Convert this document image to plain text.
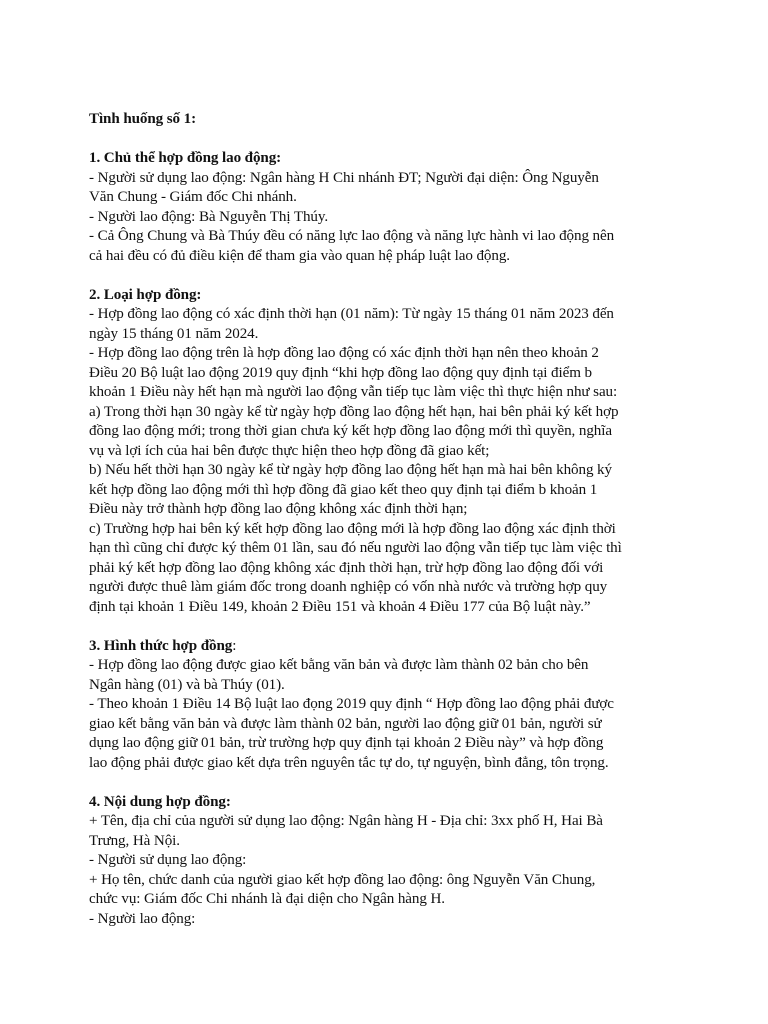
Tình huống số 1:
1. Chủ thể hợp đồng lao động:
- Người sử dụng lao động: Ngân hàng H Chi nhánh ĐT; Người đại diện: Ông Nguyễn
Văn Chung - Giám đốc Chi nhánh.
- Người lao động: Bà Nguyễn Thị Thúy.
- Cả Ông Chung và Bà Thúy đều có năng lực lao động và năng lực hành vi lao động nên
cả hai đều có đủ điều kiện để tham gia vào quan hệ pháp luật lao động.
2. Loại hợp đồng:
- Hợp đồng lao động có xác định thời hạn (01 năm): Từ ngày 15 tháng 01 năm 2023 đến
ngày 15 tháng 01 năm 2024.
- Hợp đồng lao động trên là hợp đồng lao động có xác định thời hạn nên theo khoản 2
Điều 20 Bộ luật lao động 2019 quy định “khi hợp đồng lao động quy định tại điểm b
khoản 1 Điều này hết hạn mà người lao động vẫn tiếp tục làm việc thì thực hiện như sau:
a) Trong thời hạn 30 ngày kể từ ngày hợp đồng lao động hết hạn, hai bên phải ký kết hợp
đồng lao động mới; trong thời gian chưa ký kết hợp đồng lao động mới thì quyền, nghĩa
vụ và lợi ích của hai bên được thực hiện theo hợp đồng đã giao kết;
b) Nếu hết thời hạn 30 ngày kể từ ngày hợp đồng lao động hết hạn mà hai bên không ký
kết hợp đồng lao động mới thì hợp đồng đã giao kết theo quy định tại điểm b khoản 1
Điều này trở thành hợp đồng lao động không xác định thời hạn;
c) Trường hợp hai bên ký kết hợp đồng lao động mới là hợp đồng lao động xác định thời
hạn thì cũng chỉ được ký thêm 01 lần, sau đó nếu người lao động vẫn tiếp tục làm việc thì
phải ký kết hợp đồng lao động không xác định thời hạn, trừ hợp đồng lao động đối với
người được thuê làm giám đốc trong doanh nghiệp có vốn nhà nước và trường hợp quy
định tại khoản 1 Điều 149, khoản 2 Điều 151 và khoản 4 Điều 177 của Bộ luật này.”
3. Hình thức hợp đồng:
- Hợp đồng lao động được giao kết bằng văn bản và được làm thành 02 bản cho bên
Ngân hàng (01) và bà Thúy (01).
- Theo khoản 1 Điều 14 Bộ luật lao đọng 2019 quy định “ Hợp đồng lao động phải được
giao kết bằng văn bản và được làm thành 02 bản, người lao động giữ 01 bản, người sử
dụng lao động giữ 01 bản, trừ trường hợp quy định tại khoản 2 Điều này” và hợp đồng
lao động phải được giao kết dựa trên nguyên tắc tự do, tự nguyện, bình đẳng, tôn trọng.
4. Nội dung hợp đồng:
+ Tên, địa chỉ của người sử dụng lao động: Ngân hàng H - Địa chỉ: 3xx phố H, Hai Bà
Trưng, Hà Nội.
- Người sử dụng lao động:
+ Họ tên, chức danh của người giao kết hợp đồng lao động: ông Nguyễn Văn Chung,
chức vụ: Giám đốc Chi nhánh là đại diện cho Ngân hàng H.
- Người lao động:
